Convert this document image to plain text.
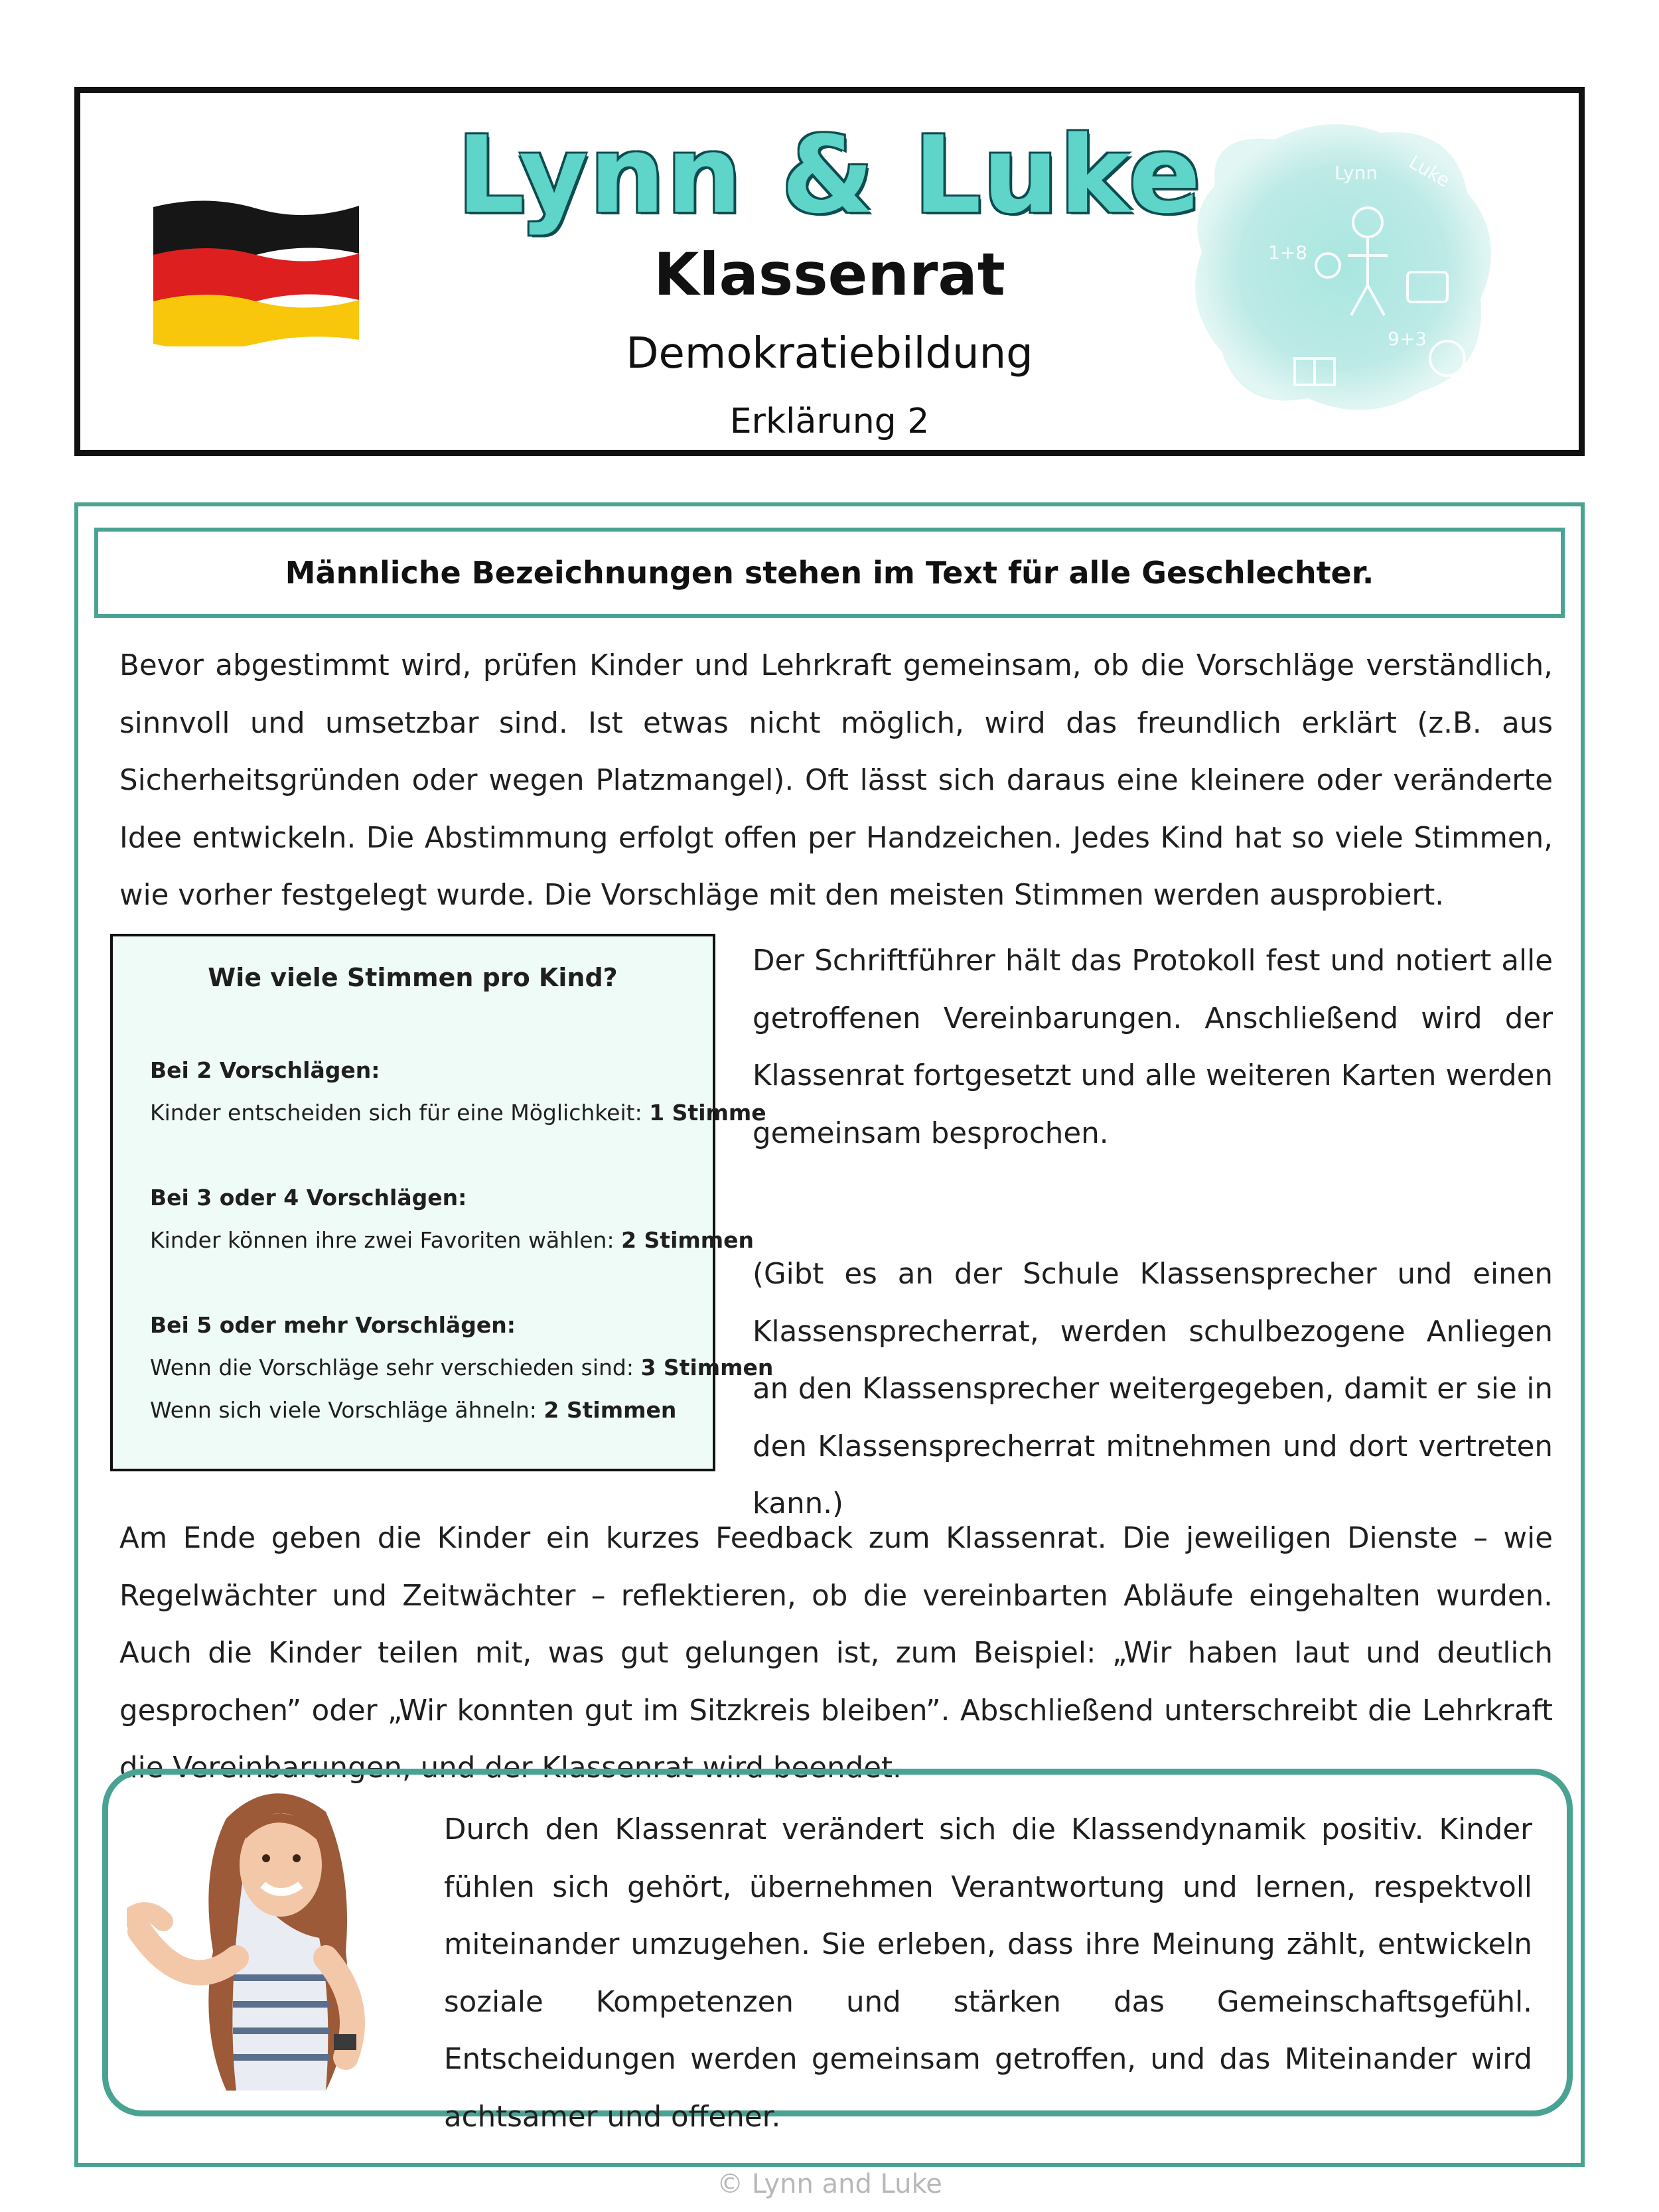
Lynn & Luke
Klassenrat
Demokratiebildung
Erklärung 2
Lynn Luke
1+8
9+3
Männliche Bezeichnungen stehen im Text für alle Geschlechter.
Bevor abgestimmt wird, prüfen Kinder und Lehrkraft gemeinsam, ob die Vorschläge verständlich, sinnvoll und umsetzbar sind. Ist etwas nicht möglich, wird das freundlich erklärt (z.B. aus Sicherheitsgründen oder wegen Platzmangel). Oft lässt sich daraus eine kleinere oder veränderte Idee entwickeln. Die Abstimmung erfolgt offen per Handzeichen. Jedes Kind hat so viele Stimmen, wie vorher festgelegt wurde. Die Vorschläge mit den meisten Stimmen werden ausprobiert.
Wie viele Stimmen pro Kind?
Bei 2 Vorschlägen:
Kinder entscheiden sich für eine Möglichkeit: 1 Stimme
Bei 3 oder 4 Vorschlägen:
Kinder können ihre zwei Favoriten wählen: 2 Stimmen
Bei 5 oder mehr Vorschlägen:
Wenn die Vorschläge sehr verschieden sind: 3 Stimmen
Wenn sich viele Vorschläge ähneln: 2 Stimmen
Der Schriftführer hält das Protokoll fest und notiert alle getroffenen Vereinbarungen. Anschließend wird der Klassenrat fortgesetzt und alle weiteren Karten werden gemeinsam besprochen.
(Gibt es an der Schule Klassensprecher und einen Klassensprecherrat, werden schulbezogene Anliegen an den Klassensprecher weitergegeben, damit er sie in den Klassensprecherrat mitnehmen und dort vertreten kann.)
Am Ende geben die Kinder ein kurzes Feedback zum Klassenrat. Die jeweiligen Dienste – wie Regelwächter und Zeitwächter – reflektieren, ob die vereinbarten Abläufe eingehalten wurden. Auch die Kinder teilen mit, was gut gelungen ist, zum Beispiel: „Wir haben laut und deutlich gesprochen” oder „Wir konnten gut im Sitzkreis bleiben”. Abschließend unterschreibt die Lehrkraft die Vereinbarungen, und der Klassenrat wird beendet.
Durch den Klassenrat verändert sich die Klassendynamik positiv. Kinder fühlen sich gehört, übernehmen Verantwortung und lernen, respektvoll miteinander umzugehen. Sie erleben, dass ihre Meinung zählt, entwickeln soziale Kompetenzen und stärken das Gemeinschaftsgefühl. Entscheidungen werden gemeinsam getroffen, und das Miteinander wird achtsamer und offener.
© Lynn and Luke
